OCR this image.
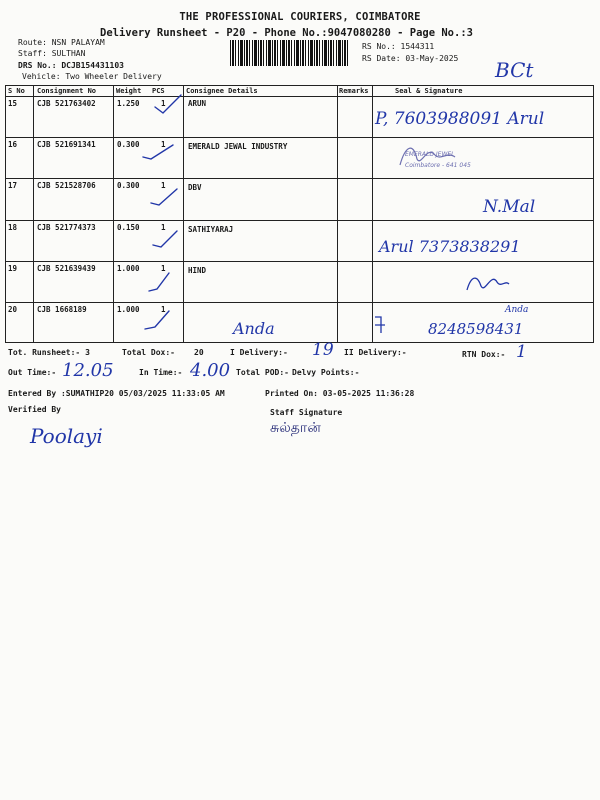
THE PROFESSIONAL COURIERS, COIMBATORE
Delivery Runsheet - P20 - Phone No.:9047080280 - Page No.:3
Route: NSN PALAYAM
Staff: SULTHAN
DRS No.: DCJB154431103
Vehicle: Two Wheeler Delivery
RS No.: 1544311
RS Date: 03-May-2025 BCt
S No Consignment No	Weight PCS	Consignee Details	Remarks	Seal & Signature
15	CJB 521763402	1.250	1	ARUN
16	CJB 521691341	0.300	1	EMERALD JEWAL INDUSTRY
17	CJB 521528706	0.300	1	DBV
18	CJB 521774373	0.150	1	SATHIYARAJ
19	CJB 521639439	1.000	1	HIND
20	CJB 1668189	1.000	1
P, 7603988091 Arul
N.Mal
Arul 7373838291
Anda	8248598431
Anda
EMERALD JEWEL
Coimbatore - 641 045
Tot. Runsheet:- 3	Total Dox:- 20	I Delivery:- 19 II Delivery:-	RTN Dox:- 1
Out Time:- 12.05	In Time:- 4.00 Total POD:- Delvy Points:-
Entered By :SUMATHIP20 05/03/2025 11:33:05 AM	Printed On: 03-05-2025 11:36:28
Verified By	Staff Signature
Poolayi	சுல்தான்
